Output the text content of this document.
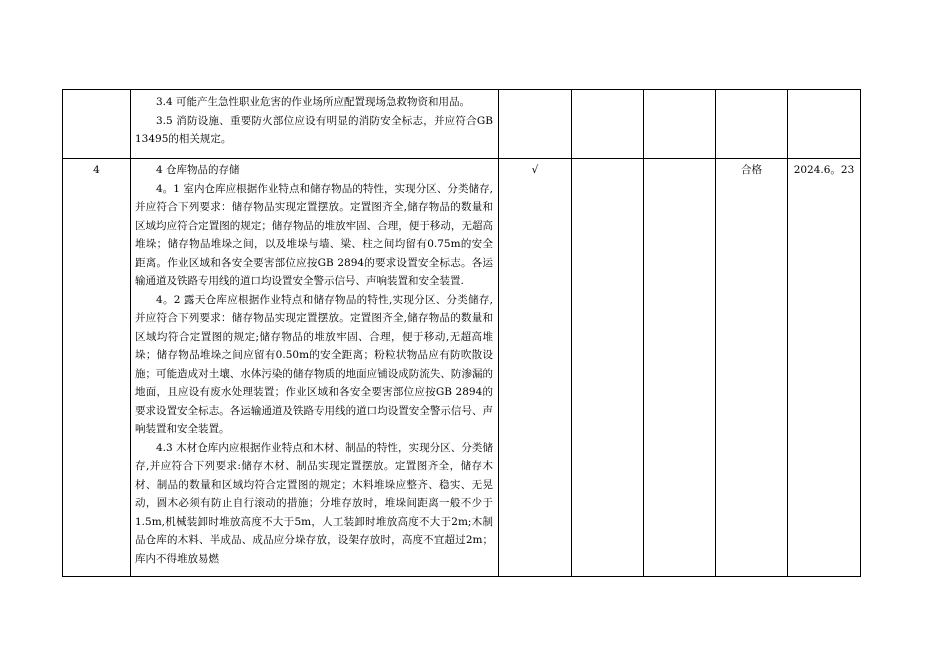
	3.4 可能产生急性职业危害的作业场所应配置现场急救物资和用品。

3.5 消防设施、重要防火部位应设有明显的消防安全标志，并应符合GB 13495的相关规定。					

4	4 仓库物品的存储

4。1 室内仓库应根据作业特点和储存物品的特性，实现分区、分类储存,并应符合下列要求：储存物品实现定置摆放。定置图齐全,储存物品的数量和区域均应符合定置图的规定；储存物品的堆放牢固、合理，便于移动，无超高堆垛；储存物品堆垛之间，以及堆垛与墙、梁、柱之间均留有0.75m的安全距离。作业区域和各安全要害部位应按GB 2894的要求设置安全标志。各运输通道及铁路专用线的道口均设置安全警示信号、声响装置和安全装置.

4。2 露天仓库应根据作业特点和储存物品的特性,实现分区、分类储存,并应符合下列要求：储存物品实现定置摆放。定置图齐全,储存物品的数量和区域均符合定置图的规定;储存物品的堆放牢固、合理，便于移动,无超高堆垛；储存物品堆垛之间应留有0.50m的安全距离；粉粒状物品应有防吹散设施；可能造成对土壤、水体污染的储存物质的地面应铺设成防流失、防渗漏的地面，且应设有废水处理装置；作业区域和各安全要害部位应按GB 2894的要求设置安全标志。各运输通道及铁路专用线的道口均设置安全警示信号、声响装置和安全装置。

4.3 木材仓库内应根据作业特点和木材、制品的特性，实现分区、分类储存,并应符合下列要求:储存木材、制品实现定置摆放。定置图齐全，储存木材、制品的数量和区域均符合定置图的规定；木料堆垛应整齐、稳实、无晃动，圆木必须有防止自行滚动的措施；分堆存放时，堆垛间距离一般不少于1.5m,机械装卸时堆放高度不大于5m，人工装卸时堆放高度不大于2m;木制品仓库的木料、半成品、成品应分垛存放，设架存放时，高度不宜超过2m；库内不得堆放易燃	√			合格	2024.6。23
